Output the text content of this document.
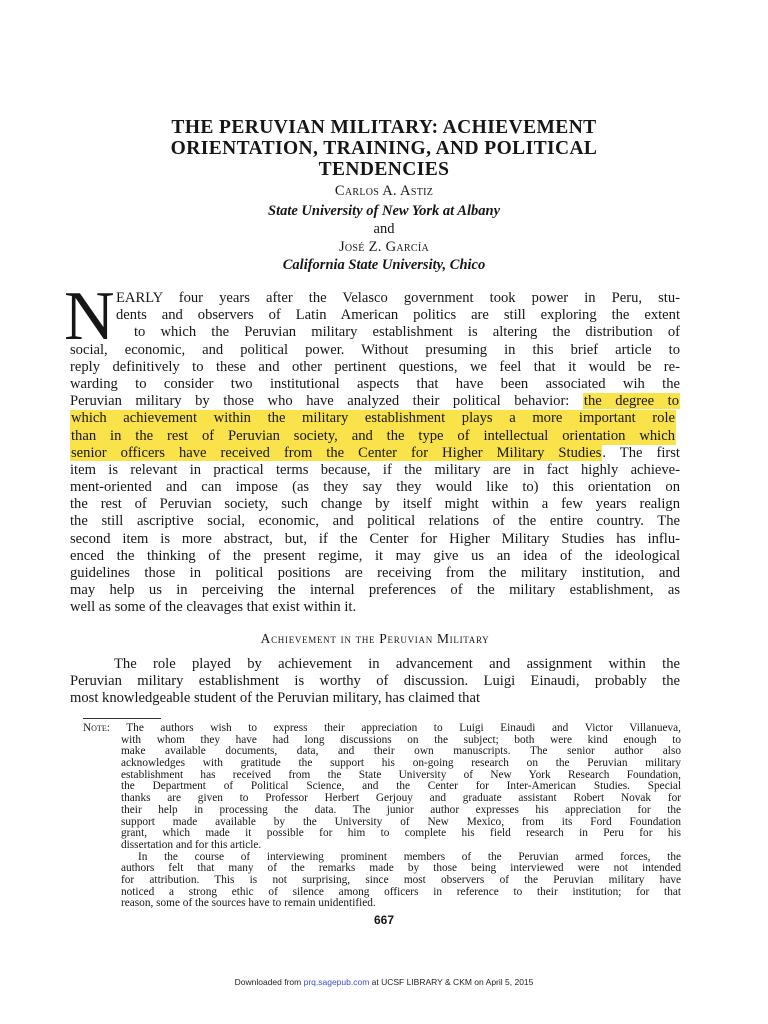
THE PERUVIAN MILITARY: ACHIEVEMENT
ORIENTATION, TRAINING, AND POLITICAL
TENDENCIES
Carlos A. Astiz
State University of New York at Albany
and
José Z. García
California State University, Chico
N EARLY four years after the Velasco government took power in Peru, stu-
dents and observers of Latin American politics are still exploring the extent
to which the Peruvian military establishment is altering the distribution of
social, economic, and political power. Without presuming in this brief article to
reply definitively to these and other pertinent questions, we feel that it would be re-
warding to consider two institutional aspects that have been associated wih the
Peruvian military by those who have analyzed their political behavior: the degree to
which achievement within the military establishment plays a more important role
than in the rest of Peruvian society, and the type of intellectual orientation which
senior officers have received from the Center for Higher Military Studies. The first
item is relevant in practical terms because, if the military are in fact highly achieve-
ment-oriented and can impose (as they say they would like to) this orientation on
the rest of Peruvian society, such change by itself might within a few years realign
the still ascriptive social, economic, and political relations of the entire country. The
second item is more abstract, but, if the Center for Higher Military Studies has influ-
enced the thinking of the present regime, it may give us an idea of the ideological
guidelines those in political positions are receiving from the military institution, and
may help us in perceiving the internal preferences of the military establishment, as
well as some of the cleavages that exist within it.
Achievement in the Peruvian Military
The role played by achievement in advancement and assignment within the
Peruvian military establishment is worthy of discussion. Luigi Einaudi, probably the
most knowledgeable student of the Peruvian military, has claimed that
Note: The authors wish to express their appreciation to Luigi Einaudi and Victor Villanueva,
with whom they have had long discussions on the subject; both were kind enough to
make available documents, data, and their own manuscripts. The senior author also
acknowledges with gratitude the support his on-going research on the Peruvian military
establishment has received from the State University of New York Research Foundation,
the Department of Political Science, and the Center for Inter-American Studies. Special
thanks are given to Professor Herbert Gerjouy and graduate assistant Robert Novak for
their help in processing the data. The junior author expresses his appreciation for the
support made available by the University of New Mexico, from its Ford Foundation
grant, which made it possible for him to complete his field research in Peru for his
dissertation and for this article.
In the course of interviewing prominent members of the Peruvian armed forces, the
authors felt that many of the remarks made by those being interviewed were not intended
for attribution. This is not surprising, since most observers of the Peruvian military have
noticed a strong ethic of silence among officers in reference to their institution; for that
reason, some of the sources have to remain unidentified.
667
Downloaded from prq.sagepub.com at UCSF LIBRARY & CKM on April 5, 2015
